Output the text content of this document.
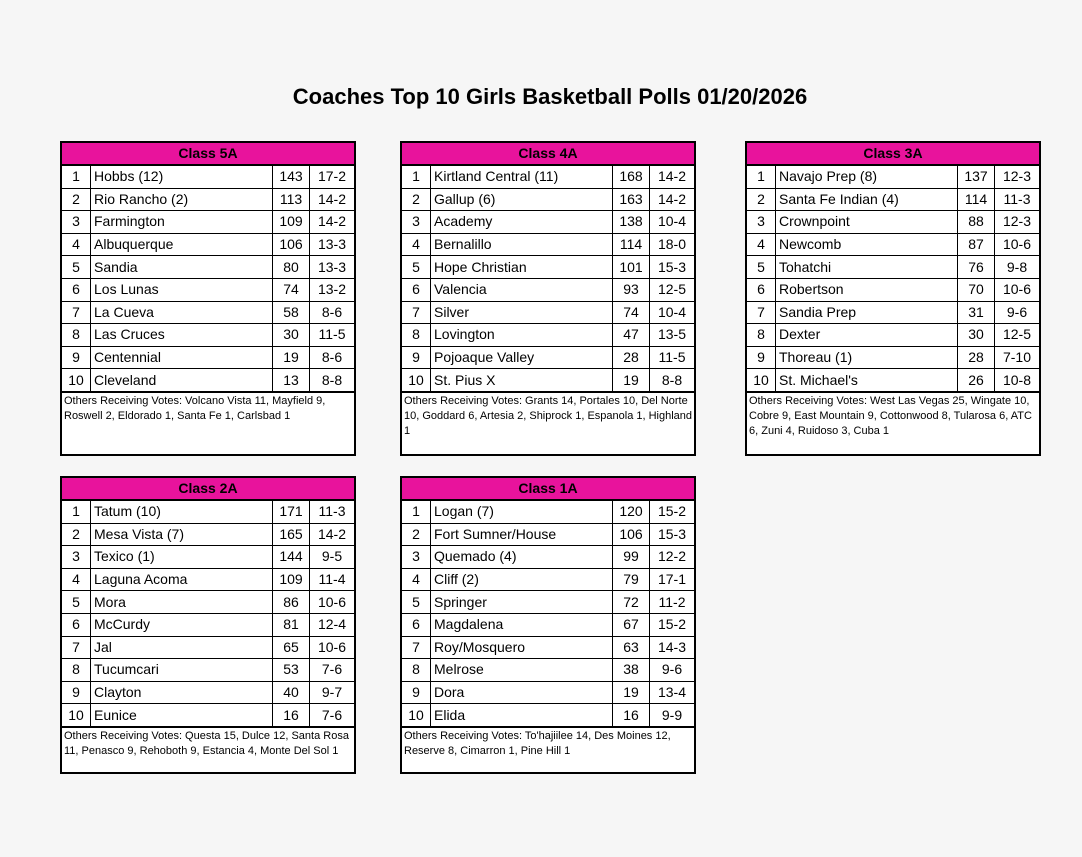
Coaches Top 10 Girls Basketball Polls 01/20/2026
Class 5A
1	Hobbs (12)	143	17-2
2	Rio Rancho (2)	113	14-2
3	Farmington	109	14-2
4	Albuquerque	106	13-3
5	Sandia	80	13-3
6	Los Lunas	74	13-2
7	La Cueva	58	8-6
8	Las Cruces	30	11-5
9	Centennial	19	8-6
10	Cleveland	13	8-8
Others Receiving Votes: Volcano Vista 11, Mayfield 9, Roswell 2, Eldorado 1, Santa Fe 1, Carlsbad 1
Class 4A
1	Kirtland Central (11)	168	14-2
2	Gallup (6)	163	14-2
3	Academy	138	10-4
4	Bernalillo	114	18-0
5	Hope Christian	101	15-3
6	Valencia	93	12-5
7	Silver	74	10-4
8	Lovington	47	13-5
9	Pojoaque Valley	28	11-5
10	St. Pius X	19	8-8
Others Receiving Votes: Grants 14, Portales 10, Del Norte 10, Goddard 6, Artesia 2, Shiprock 1, Espanola 1, Highland 1
Class 3A
1	Navajo Prep (8)	137	12-3
2	Santa Fe Indian (4)	114	11-3
3	Crownpoint	88	12-3
4	Newcomb	87	10-6
5	Tohatchi	76	9-8
6	Robertson	70	10-6
7	Sandia Prep	31	9-6
8	Dexter	30	12-5
9	Thoreau (1)	28	7-10
10	St. Michael's	26	10-8
Others Receiving Votes: West Las Vegas 25, Wingate 10, Cobre 9, East Mountain 9, Cottonwood 8, Tularosa 6, ATC 6, Zuni 4, Ruidoso 3, Cuba 1
Class 2A
1	Tatum (10)	171	11-3
2	Mesa Vista (7)	165	14-2
3	Texico (1)	144	9-5
4	Laguna Acoma	109	11-4
5	Mora	86	10-6
6	McCurdy	81	12-4
7	Jal	65	10-6
8	Tucumcari	53	7-6
9	Clayton	40	9-7
10	Eunice	16	7-6
Others Receiving Votes: Questa 15, Dulce 12, Santa Rosa 11, Penasco 9, Rehoboth 9, Estancia 4, Monte Del Sol 1
Class 1A
1	Logan (7)	120	15-2
2	Fort Sumner/House	106	15-3
3	Quemado (4)	99	12-2
4	Cliff (2)	79	17-1
5	Springer	72	11-2
6	Magdalena	67	15-2
7	Roy/Mosquero	63	14-3
8	Melrose	38	9-6
9	Dora	19	13-4
10	Elida	16	9-9
Others Receiving Votes: To'hajiilee 14, Des Moines 12, Reserve 8, Cimarron 1, Pine Hill 1
